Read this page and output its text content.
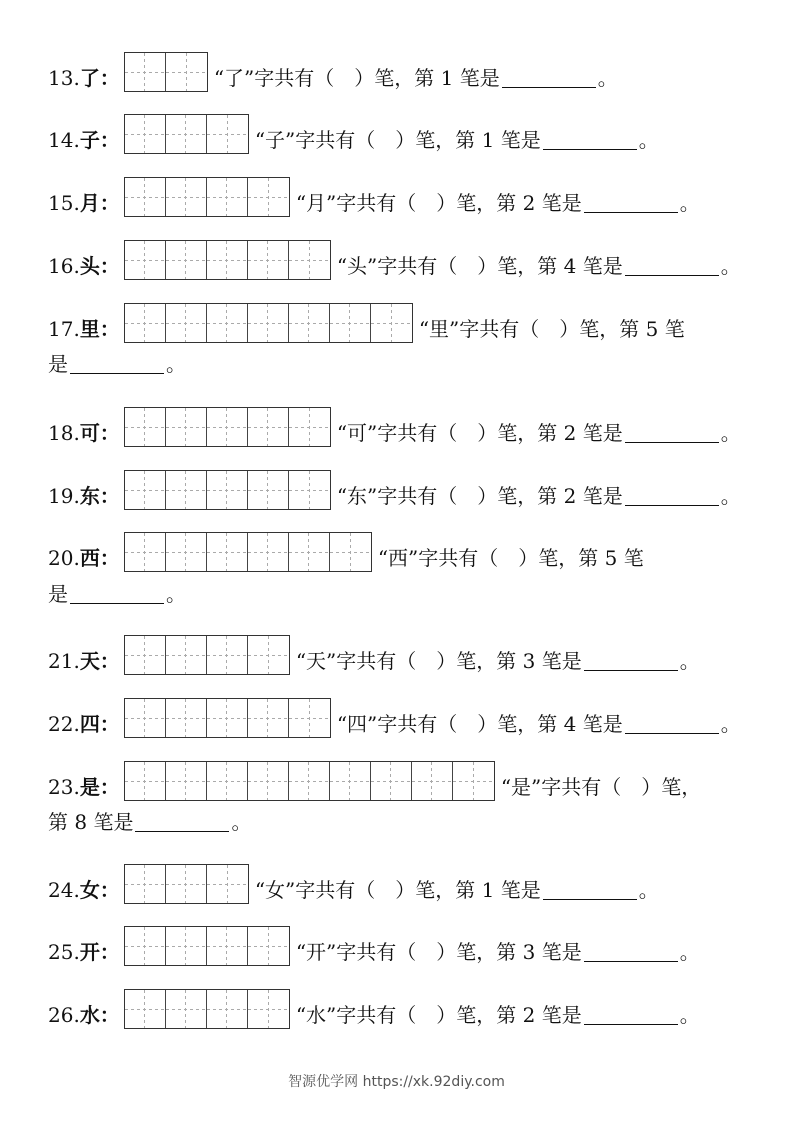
13. 了：	“了”字共有（　）笔，第 1 笔是	。
14. 子：	“子”字共有（　）笔，第 1 笔是	。
15. 月：	“月”字共有（　）笔，第 2 笔是	。
16. 头：	“头”字共有（　）笔，第 4 笔是	。
17. 里：	“里”字共有（　）笔，第 5 笔
是	。
18. 可：	“可”字共有（　）笔，第 2 笔是	。
19. 东：	“东”字共有（　）笔，第 2 笔是	。
20. 西：	“西”字共有（　）笔，第 5 笔
是	。
21. 天：	“天”字共有（　）笔，第 3 笔是	。
22. 四：	“四”字共有（　）笔，第 4 笔是	。
23. 是：	“是”字共有（　）笔，
第 8 笔是	。
24. 女：	“女”字共有（　）笔，第 1 笔是	。
25. 开：	“开”字共有（　）笔，第 3 笔是	。
26. 水：	“水”字共有（　）笔，第 2 笔是	。
智源优学网 https://xk.92diy.com
